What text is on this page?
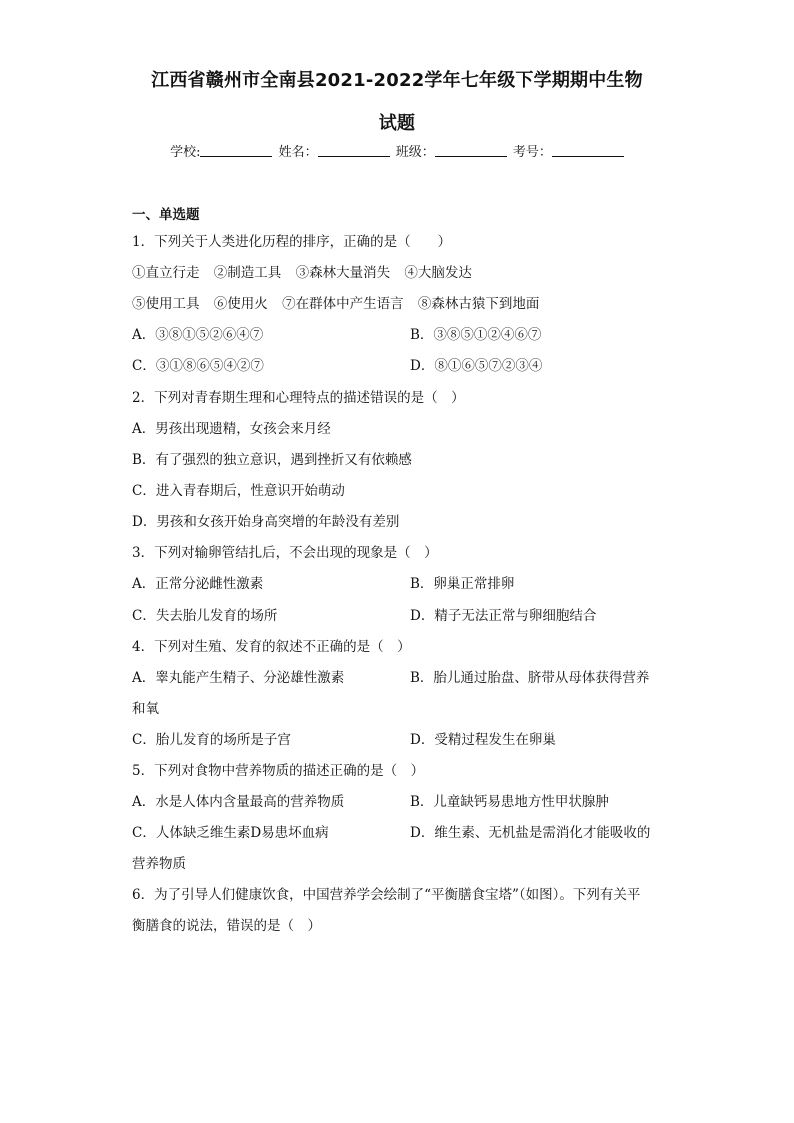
江西省赣州市全南县2021-2022学年七年级下学期期中生物
试题
学校:	姓名：	班级：	考号：
一、单选题
1．下列关于人类进化历程的排序，正确的是（　　）
①直立行走 ②制造工具 ③森林大量消失 ④大脑发达
⑤使用工具 ⑥使用火 ⑦在群体中产生语言 ⑧森林古猿下到地面
A．③⑧①⑤②⑥④⑦	B．③⑧⑤①②④⑥⑦
C．③①⑧⑥⑤④②⑦	D．⑧①⑥⑤⑦②③④
2．下列对青春期生理和心理特点的描述错误的是（　）
A．男孩出现遗精，女孩会来月经
B．有了强烈的独立意识，遇到挫折又有依赖感
C．进入青春期后，性意识开始萌动
D．男孩和女孩开始身高突增的年龄没有差别
3．下列对输卵管结扎后，不会出现的现象是（　）
A．正常分泌雌性激素	B．卵巢正常排卵
C．失去胎儿发育的场所	D．精子无法正常与卵细胞结合
4．下列对生殖、发育的叙述不正确的是（　）
A．睾丸能产生精子、分泌雄性激素	B．胎儿通过胎盘、脐带从母体获得营养
和氧
C．胎儿发育的场所是子宫	D．受精过程发生在卵巢
5．下列对食物中营养物质的描述正确的是（　）
A．水是人体内含量最高的营养物质	B．儿童缺钙易患地方性甲状腺肿
C．人体缺乏维生素D易患坏血病	D．维生素、无机盐是需消化才能吸收的
营养物质
6．为了引导人们健康饮食，中国营养学会绘制了“平衡膳食宝塔”（如图）。下列有关平
衡膳食的说法，错误的是（　）
